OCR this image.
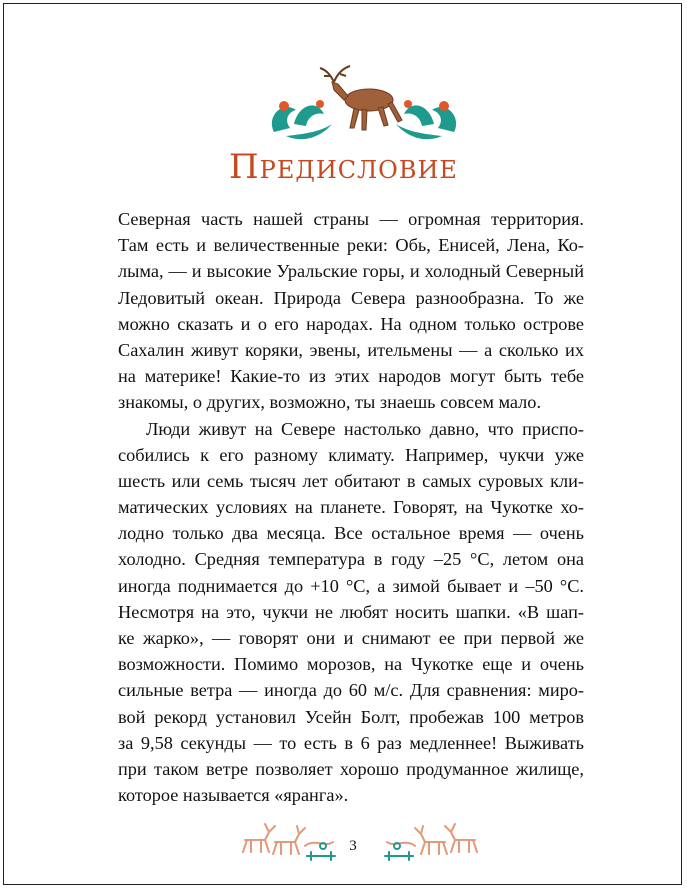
Предисловие
Северная часть нашей страны — огромная территория.
Там есть и величественные реки: Обь, Енисей, Лена, Ко-
лыма, — и высокие Уральские горы, и холодный Северный
Ледовитый океан. Природа Севера разнообразна. То же
можно сказать и о его народах. На одном только острове
Сахалин живут коряки, эвены, ительмены — а сколько их
на материке! Какие-то из этих народов могут быть тебе
знакомы, о других, возможно, ты знаешь совсем мало.
Люди живут на Севере настолько давно, что приспо-
собились к его разному климату. Например, чукчи уже
шесть или семь тысяч лет обитают в самых суровых кли-
матических условиях на планете. Говорят, на Чукотке хо-
лодно только два месяца. Все остальное время — очень
холодно. Средняя температура в году –25 °С, летом она
иногда поднимается до +10 °С, а зимой бывает и –50 °С.
Несмотря на это, чукчи не любят носить шапки. «В шап-
ке жарко», — говорят они и снимают ее при первой же
возможности. Помимо морозов, на Чукотке еще и очень
сильные ветра — иногда до 60 м/с. Для сравнения: миро-
вой рекорд установил Усейн Болт, пробежав 100 метров
за 9,58 секунды — то есть в 6 раз медленнее! Выживать
при таком ветре позволяет хорошо продуманное жилище,
которое называется «яранга».
3
